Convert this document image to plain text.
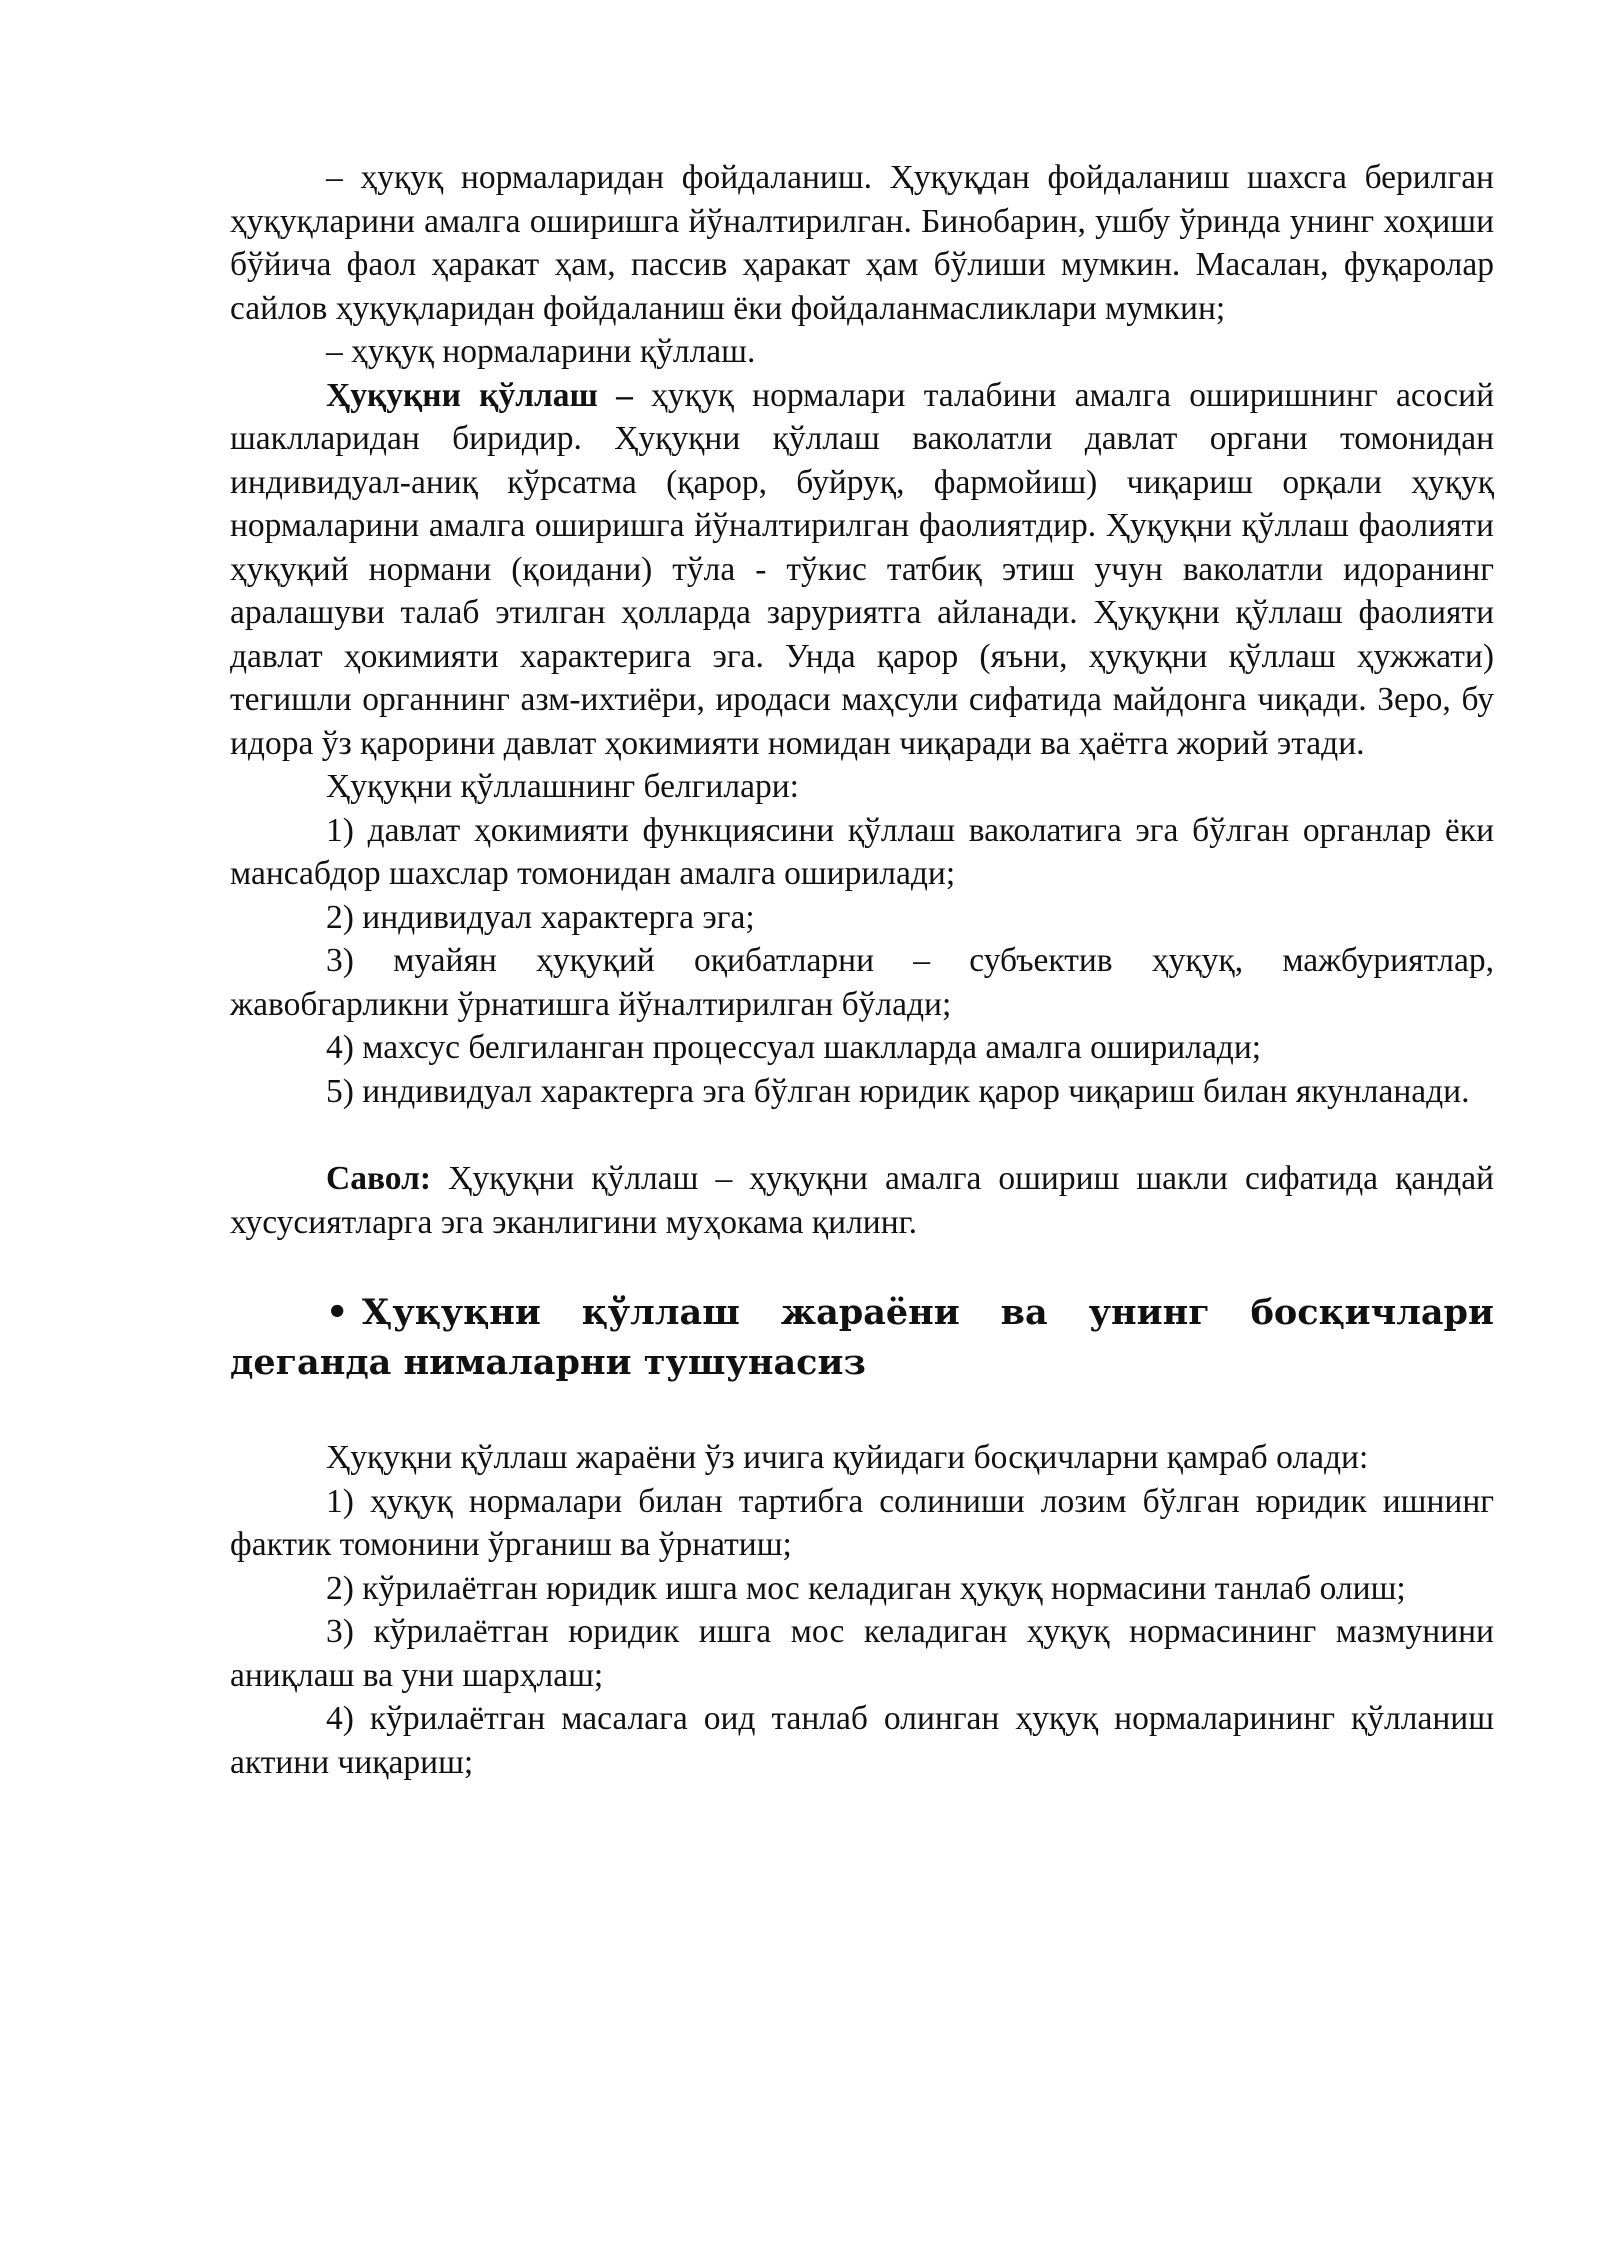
– ҳуқуқ нормаларидан фойдаланиш. Ҳуқуқдан фойдаланиш шахсга берилган ҳуқуқларини амалга оширишга йўналтирилган. Бинобарин, ушбу ўринда унинг хоҳиши бўйича фаол ҳаракат ҳам, пассив ҳаракат ҳам бўлиши мумкин. Масалан, фуқаролар сайлов ҳуқуқларидан фойдаланиш ёки фойдаланмасликлари мумкин;

– ҳуқуқ нормаларини қўллаш.

Ҳуқуқни қўллаш – ҳуқуқ нормалари талабини амалга оширишнинг асосий шаклларидан биридир. Ҳуқуқни қўллаш ваколатли давлат органи томонидан индивидуал-аниқ кўрсатма (қарор, буйруқ, фармойиш) чиқариш орқали ҳуқуқ нормаларини амалга оширишга йўналтирилган фаолиятдир. Ҳуқуқни қўллаш фаолияти ҳуқуқий нормани (қоидани) тўла - тўкис татбиқ этиш учун ваколатли идоранинг аралашуви талаб этилган ҳолларда заруриятга айланади. Ҳуқуқни қўллаш фаолияти давлат ҳокимияти характерига эга. Унда қарор (яъни, ҳуқуқни қўллаш ҳужжати) тегишли органнинг азм-ихтиёри, иродаси маҳсули сифатида майдонга чиқади. Зеро, бу идора ўз қарорини давлат ҳокимияти номидан чиқаради ва ҳаётга жорий этади.

Ҳуқуқни қўллашнинг белгилари:

1) давлат ҳокимияти функциясини қўллаш ваколатига эга бўлган органлар ёки мансабдор шахслар томонидан амалга оширилади;

2) индивидуал характерга эга;

3) муайян ҳуқуқий оқибатларни – субъектив ҳуқуқ, мажбуриятлар, жавобгарликни ўрнатишга йўналтирилган бўлади;

4) махсус белгиланган процессуал шаклларда амалга оширилади;

5) индивидуал характерга эга бўлган юридик қарор чиқариш билан якунланади.

Савол: Ҳуқуқни қўллаш – ҳуқуқни амалга ошириш шакли сифатида қандай хусусиятларга эга эканлигини муҳокама қилинг.

• Ҳуқуқни қўллаш жараёни ва унинг босқичлари деганда нималарни тушунасиз

Ҳуқуқни қўллаш жараёни ўз ичига қуйидаги босқичларни қамраб олади:

1) ҳуқуқ нормалари билан тартибга солиниши лозим бўлган юридик ишнинг фактик томонини ўрганиш ва ўрнатиш;

2) кўрилаётган юридик ишга мос келадиган ҳуқуқ нормасини танлаб олиш;

3) кўрилаётган юридик ишга мос келадиган ҳуқуқ нормасининг мазмунини аниқлаш ва уни шарҳлаш;

4) кўрилаётган масалага оид танлаб олинган ҳуқуқ нормаларининг қўлланиш актини чиқариш;
